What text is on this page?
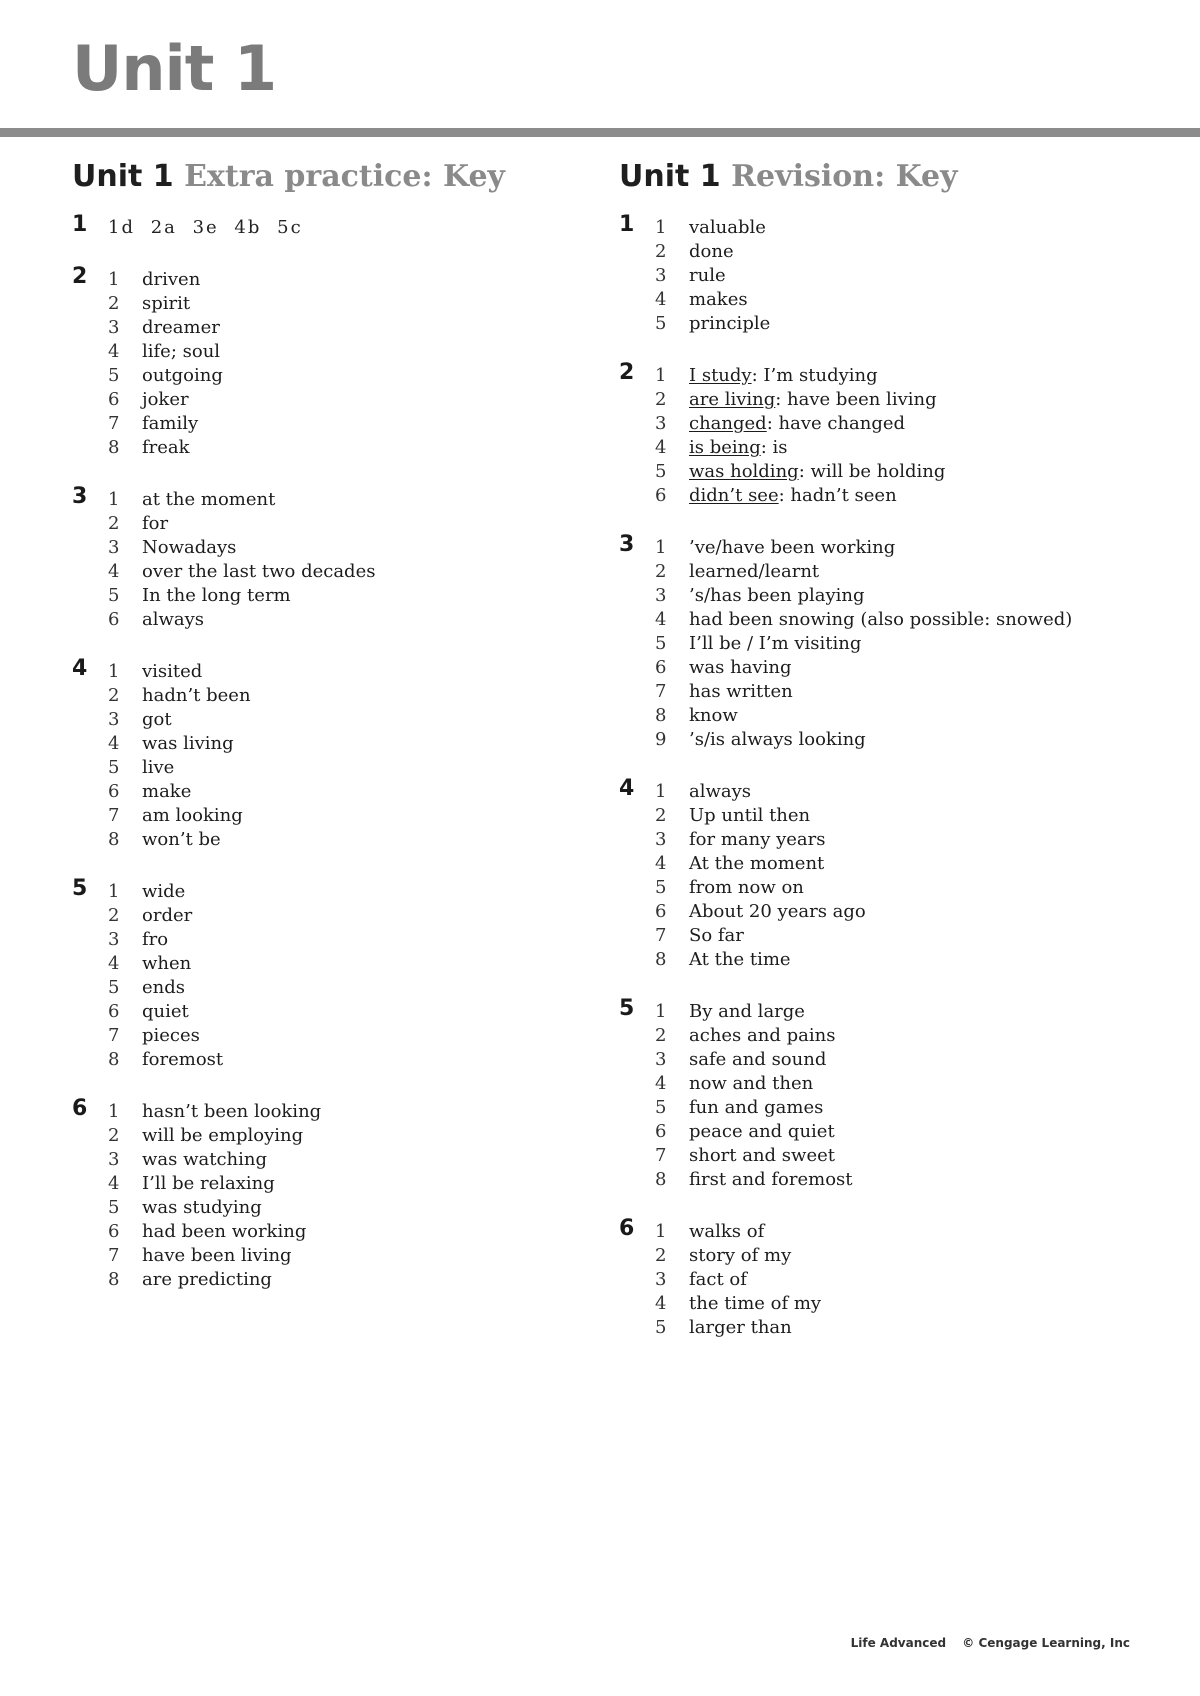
Unit 1
Unit 1 Extra practice: Key
1 1d 2a 3e 4b 5c
2 1	driven
2	spirit
3	dreamer
4	life; soul
5	outgoing
6	joker
7	family
8	freak
3 1	at the moment
2	for
3	Nowadays
4	over the last two decades
5	In the long term
6	always
4 1	visited
2	hadn’t been
3	got
4	was living
5	live
6	make
7	am looking
8	won’t be
5 1	wide
2	order
3	fro
4	when
5	ends
6	quiet
7	pieces
8	foremost
6 1	hasn’t been looking
2	will be employing
3	was watching
4	I’ll be relaxing
5	was studying
6	had been working
7	have been living
8	are predicting
Unit 1 Revision: Key
1 1	valuable
2	done
3	rule
4	makes
5	principle
2 1	I study: I’m studying
2	are living: have been living
3	changed: have changed
4	is being: is
5	was holding: will be holding
6	didn’t see: hadn’t seen
3 1	’ve/have been working
2	learned/learnt
3	’s/has been playing
4	had been snowing (also possible: snowed)
5	I’ll be / I’m visiting
6	was having
7	has written
8	know
9	’s/is always looking
4 1	always
2	Up until then
3	for many years
4	At the moment
5	from now on
6	About 20 years ago
7	So far
8	At the time
5 1	By and large
2	aches and pains
3	safe and sound
4	now and then
5	fun and games
6	peace and quiet
7	short and sweet
8	first and foremost
6 1	walks of
2	story of my
3	fact of
4	the time of my
5	larger than
Life Advanced © Cengage Learning, Inc
